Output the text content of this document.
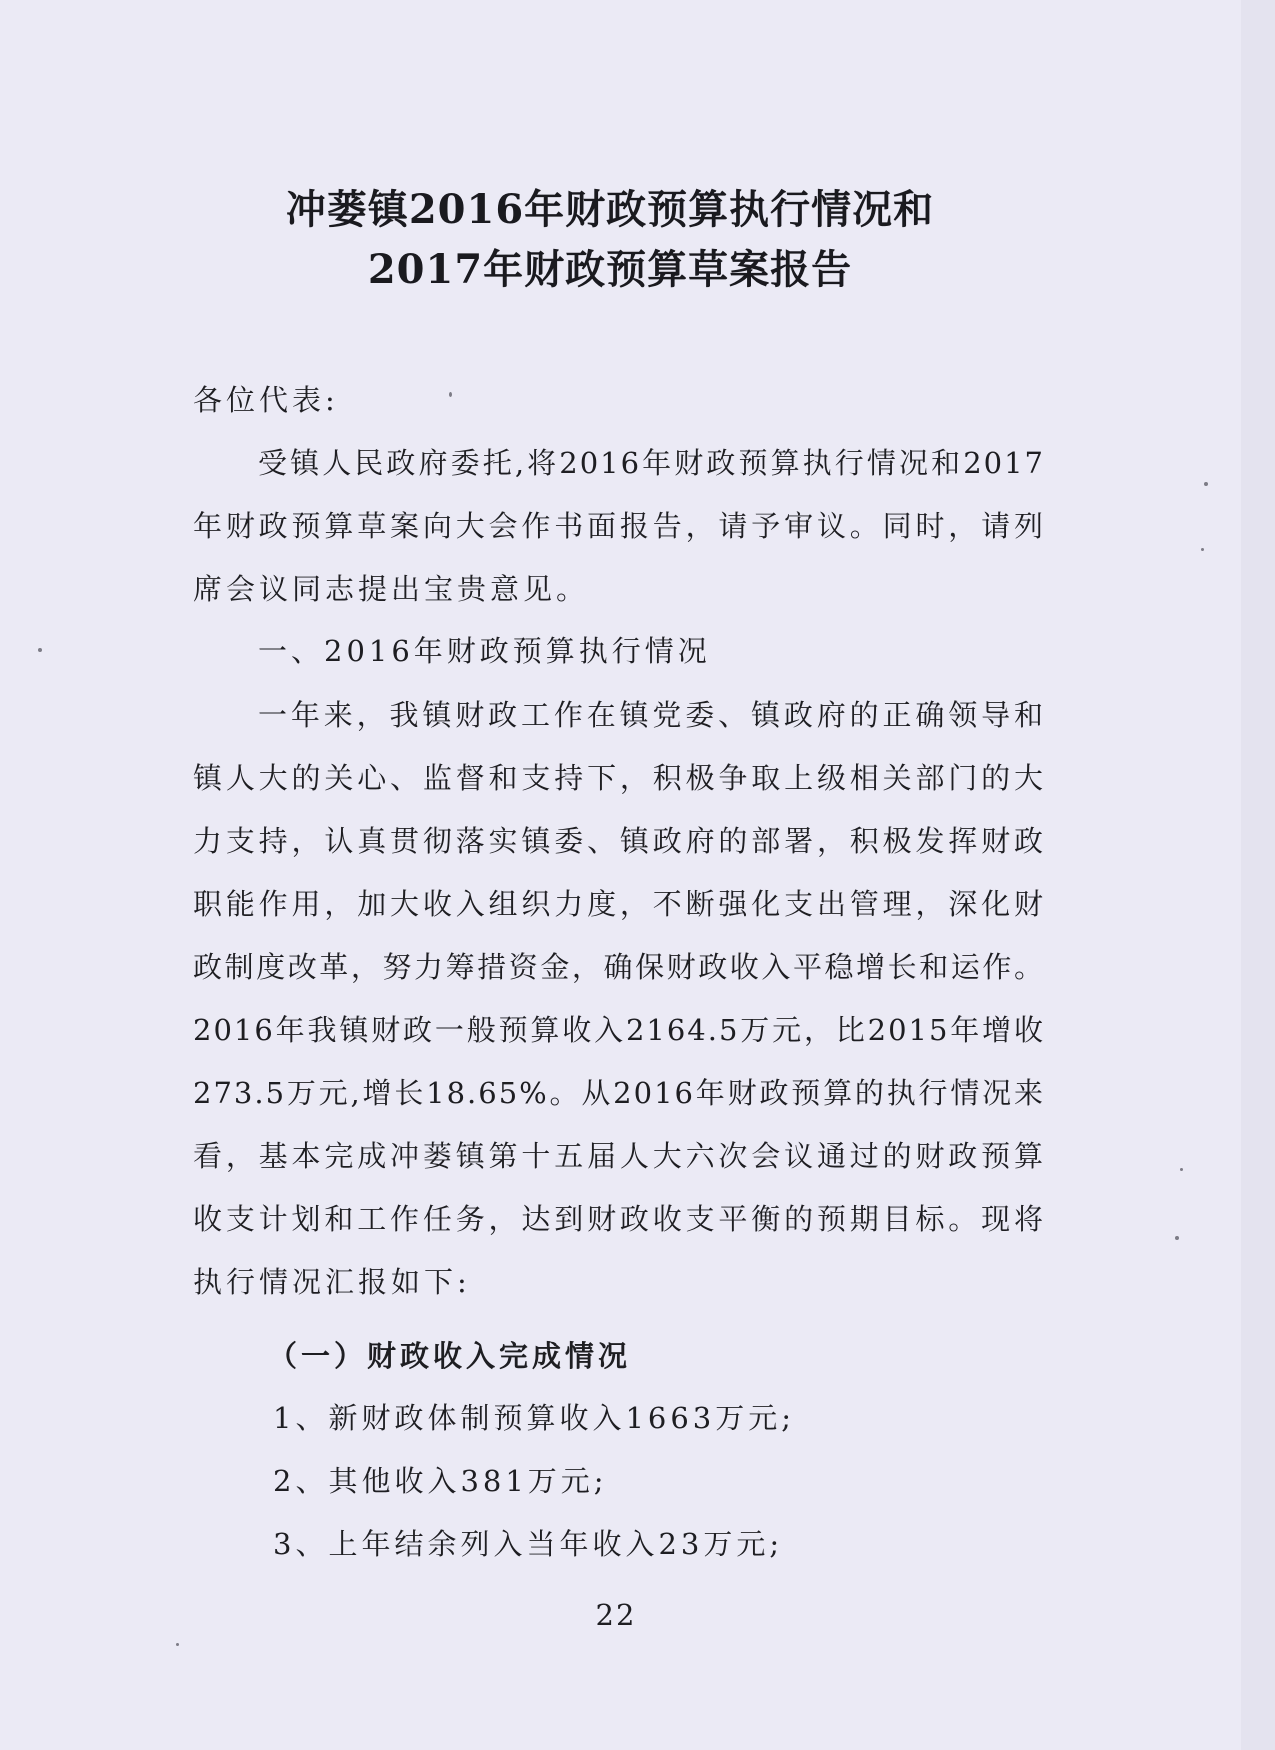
冲蒌镇2016年财政预算执行情况和
2017年财政预算草案报告

各位代表:

受镇人民政府委托,将2016年财政预算执行情况和2017

年财政预算草案向大会作书面报告，请予审议。同时，请列

席会议同志提出宝贵意见。

一、2016年财政预算执行情况

一年来，我镇财政工作在镇党委、镇政府的正确领导和

镇人大的关心、监督和支持下，积极争取上级相关部门的大

力支持，认真贯彻落实镇委、镇政府的部署，积极发挥财政

职能作用，加大收入组织力度，不断强化支出管理，深化财

政制度改革，努力筹措资金，确保财政收入平稳增长和运作。

2016年我镇财政一般预算收入2164.5万元，比2015年增收

273.5万元,增长18.65%。从2016年财政预算的执行情况来

看，基本完成冲蒌镇第十五届人大六次会议通过的财政预算

收支计划和工作任务，达到财政收支平衡的预期目标。现将

执行情况汇报如下:

（一）财政收入完成情况

1、新财政体制预算收入1663万元;

2、其他收入381万元;

3、上年结余列入当年收入23万元;

22
